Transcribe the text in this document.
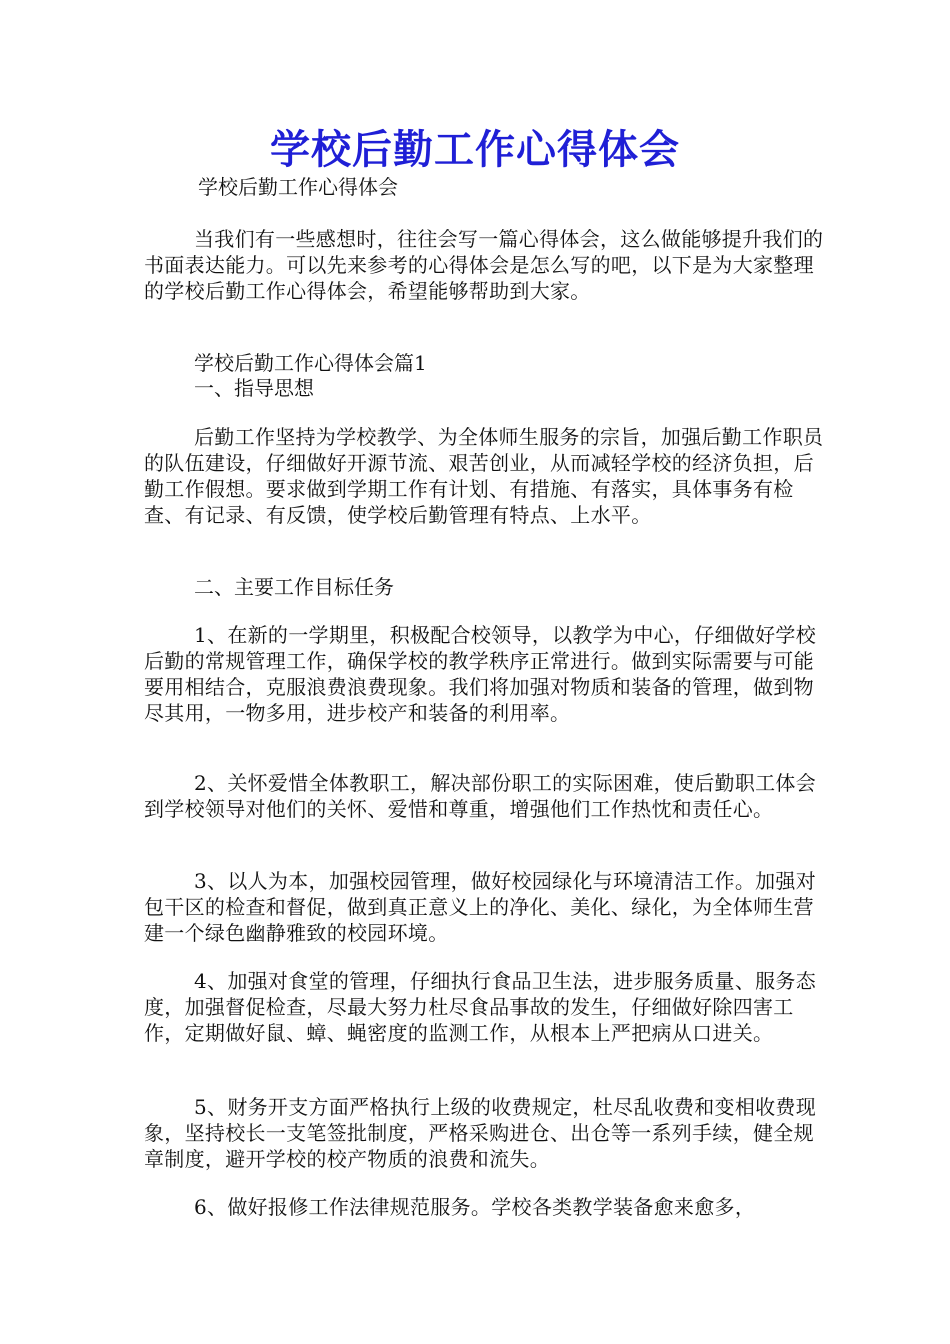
学校后勤工作心得体会
学校后勤工作心得体会

当我们有一些感想时，往往会写一篇心得体会，这么做能够提升我们的书面表达能力。可以先来参考的心得体会是怎么写的吧，以下是为大家整理的学校后勤工作心得体会，希望能够帮助到大家。

学校后勤工作心得体会篇1
一、指导思想

后勤工作坚持为学校教学、为全体师生服务的宗旨，加强后勤工作职员的队伍建设，仔细做好开源节流、艰苦创业，从而减轻学校的经济负担，后勤工作假想。要求做到学期工作有计划、有措施、有落实，具体事务有检查、有记录、有反馈，使学校后勤管理有特点、上水平。

二、主要工作目标任务

1、在新的一学期里，积极配合校领导，以教学为中心，仔细做好学校后勤的常规管理工作，确保学校的教学秩序正常进行。做到实际需要与可能要用相结合，克服浪费浪费现象。我们将加强对物质和装备的管理，做到物尽其用，一物多用，进步校产和装备的利用率。

2、关怀爱惜全体教职工，解决部份职工的实际困难，使后勤职工体会到学校领导对他们的关怀、爱惜和尊重，增强他们工作热忱和责任心。

3、以人为本，加强校园管理，做好校园绿化与环境清洁工作。加强对包干区的检查和督促，做到真正意义上的净化、美化、绿化，为全体师生营建一个绿色幽静雅致的校园环境。

4、加强对食堂的管理，仔细执行食品卫生法，进步服务质量、服务态度，加强督促检查，尽最大努力杜尽食品事故的发生，仔细做好除四害工作，定期做好鼠、蟑、蝇密度的监测工作，从根本上严把病从口进关。

5、财务开支方面严格执行上级的收费规定，杜尽乱收费和变相收费现象，坚持校长一支笔签批制度，严格采购进仓、出仓等一系列手续，健全规章制度，避开学校的校产物质的浪费和流失。

6、做好报修工作法律规范服务。学校各类教学装备愈来愈多，
